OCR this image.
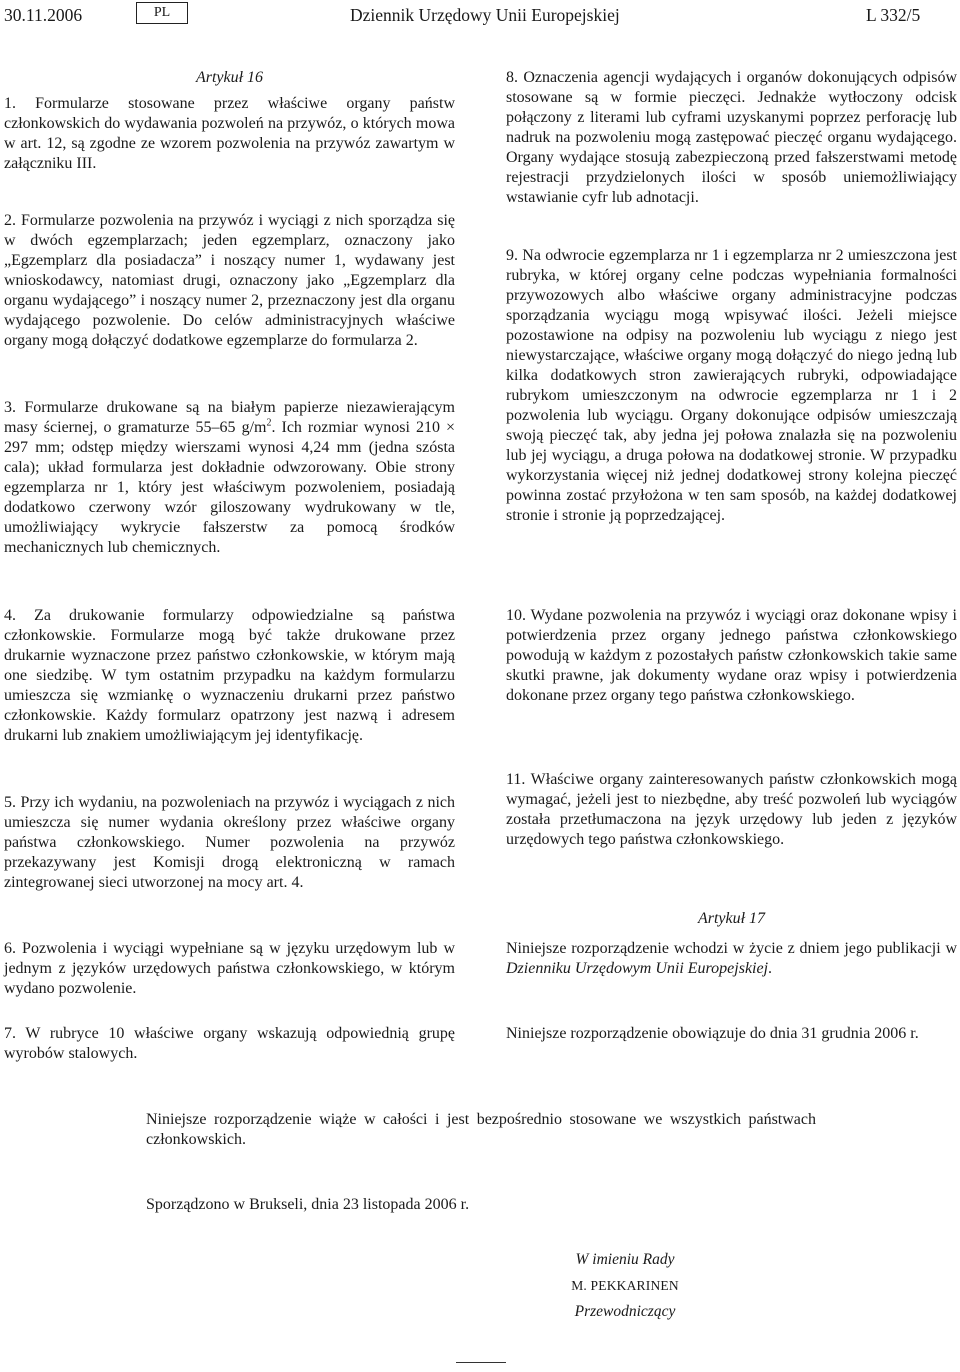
30.11.2006	PL	Dziennik Urzędowy Unii Europejskiej	L 332/5

Artykuł 16

1. Formularze stosowane przez właściwe organy państw członkowskich do wydawania pozwoleń na przywóz, o których mowa w art. 12, są zgodne ze wzorem pozwolenia na przywóz zawartym w załączniku III.
2. Formularze pozwolenia na przywóz i wyciągi z nich sporządza się w dwóch egzemplarzach; jeden egzemplarz, oznaczony jako „Egzemplarz dla posiadacza” i noszący numer 1, wydawany jest wnioskodawcy, natomiast drugi, oznaczony jako „Egzemplarz dla organu wydającego” i noszący numer 2, przeznaczony jest dla organu wydającego pozwolenie. Do celów administracyjnych właściwe organy mogą dołączyć dodatkowe egzemplarze do formularza 2.
3. Formularze drukowane są na białym papierze niezawierającym masy ściernej, o gramaturze 55–65 $g/m^2$. Ich rozmiar wynosi 210 × 297 mm; odstęp między wierszami wynosi 4,24 mm (jedna szósta cala); układ formularza jest dokładnie odwzorowany. Obie strony egzemplarza nr 1, który jest właściwym pozwoleniem, posiadają dodatkowo czerwony wzór giloszowany wydrukowany w tle, umożliwiający wykrycie fałszerstw za pomocą środków mechanicznych lub chemicznych.
4. Za drukowanie formularzy odpowiedzialne są państwa członkowskie. Formularze mogą być także drukowane przez drukarnie wyznaczone przez państwo członkowskie, w którym mają one siedzibę. W tym ostatnim przypadku na każdym formularzu umieszcza się wzmiankę o wyznaczeniu drukarni przez państwo członkowskie. Każdy formularz opatrzony jest nazwą i adresem drukarni lub znakiem umożliwiającym jej identyfikację.
5. Przy ich wydaniu, na pozwoleniach na przywóz i wyciągach z nich umieszcza się numer wydania określony przez właściwe organy państwa członkowskiego. Numer pozwolenia na przywóz przekazywany jest Komisji drogą elektroniczną w ramach zintegrowanej sieci utworzonej na mocy art. 4.
6. Pozwolenia i wyciągi wypełniane są w języku urzędowym lub w jednym z języków urzędowych państwa członkowskiego, w którym wydano pozwolenie.
7. W rubryce 10 właściwe organy wskazują odpowiednią grupę wyrobów stalowych.
8. Oznaczenia agencji wydających i organów dokonujących odpisów stosowane są w formie pieczęci. Jednakże wytłoczony odcisk połączony z literami lub cyframi uzyskanymi poprzez perforację lub nadruk na pozwoleniu mogą zastępować pieczęć organu wydającego. Organy wydające stosują zabezpieczoną przed fałszerstwami metodę rejestracji przydzielonych ilości w sposób uniemożliwiający wstawianie cyfr lub adnotacji.
9. Na odwrocie egzemplarza nr 1 i egzemplarza nr 2 umieszczona jest rubryka, w której organy celne podczas wypełniania formalności przywozowych albo właściwe organy administracyjne podczas sporządzania wyciągu mogą wpisywać ilości. Jeżeli miejsce pozostawione na odpisy na pozwoleniu lub wyciągu z niego jest niewystarczające, właściwe organy mogą dołączyć do niego jedną lub kilka dodatkowych stron zawierających rubryki, odpowiadające rubrykom umieszczonym na odwrocie egzemplarza nr 1 i 2 pozwolenia lub wyciągu. Organy dokonujące odpisów umieszczają swoją pieczęć tak, aby jedna jej połowa znalazła się na pozwoleniu lub jej wyciągu, a druga połowa na dodatkowej stronie. W przypadku wykorzystania więcej niż jednej dodatkowej strony kolejna pieczęć powinna zostać przyłożona w ten sam sposób, na każdej dodatkowej stronie i stronie ją poprzedzającej.
10. Wydane pozwolenia na przywóz i wyciągi oraz dokonane wpisy i potwierdzenia przez organy jednego państwa członkowskiego powodują w każdym z pozostałych państw członkowskich takie same skutki prawne, jak dokumenty wydane oraz wpisy i potwierdzenia dokonane przez organy tego państwa członkowskiego.
11. Właściwe organy zainteresowanych państw członkowskich mogą wymagać, jeżeli jest to niezbędne, aby treść pozwoleń lub wyciągów została przetłumaczona na język urzędowy lub jeden z języków urzędowych tego państwa członkowskiego.

Artykuł 17

Niniejsze rozporządzenie wchodzi w życie z dniem jego publikacji w Dzienniku Urzędowym Unii Europejskiej.
Niniejsze rozporządzenie obowiązuje do dnia 31 grudnia 2006 r.
Niniejsze rozporządzenie wiąże w całości i jest bezpośrednio stosowane we wszystkich państwach członkowskich.
Sporządzono w Brukseli, dnia 23 listopada 2006 r.
W imieniu Rady
M. PEKKARINEN
Przewodniczący
